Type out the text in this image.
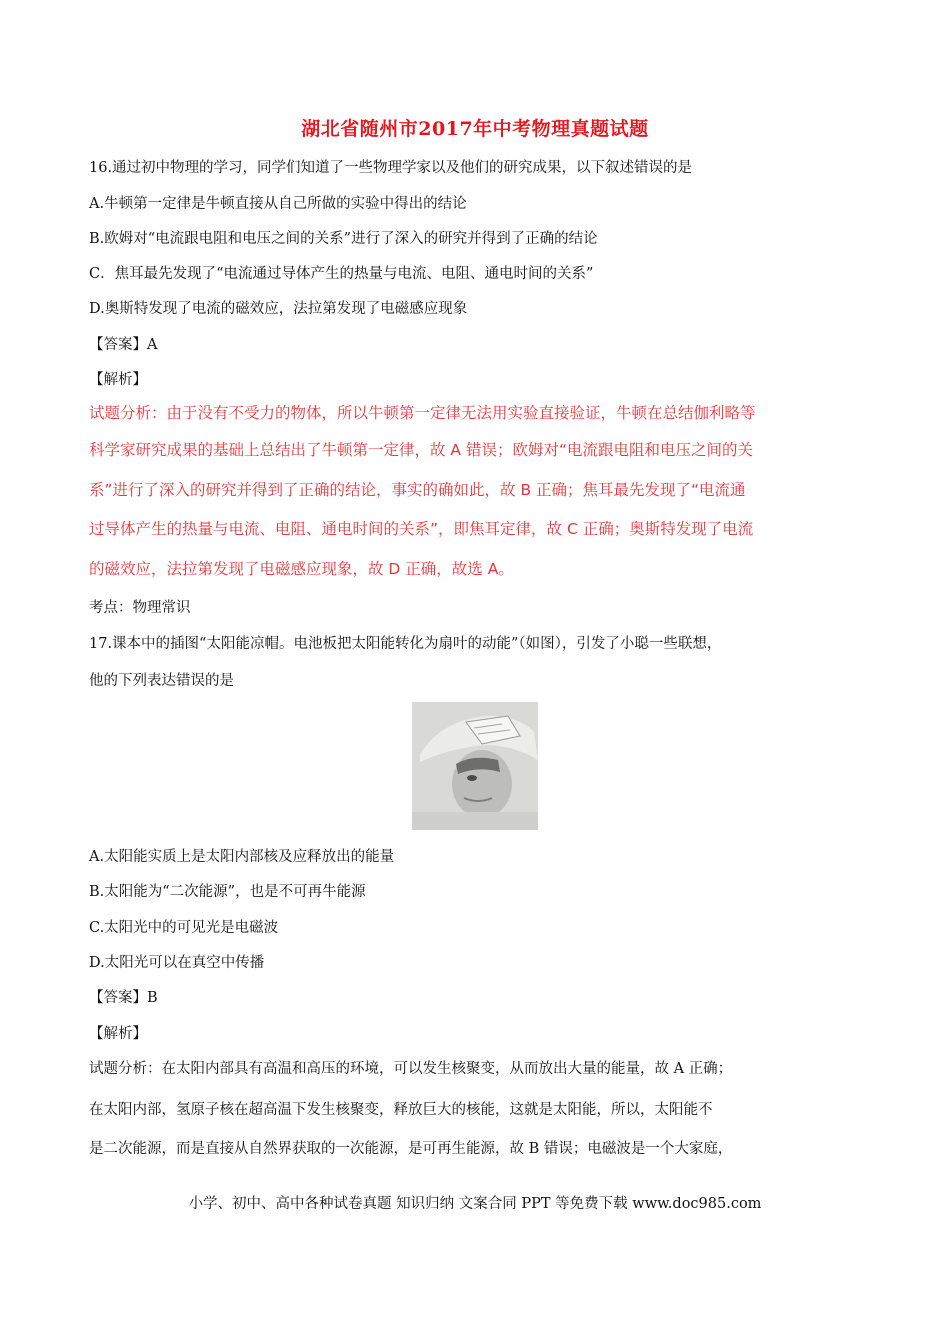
湖北省随州市2017年中考物理真题试题
16.通过初中物理的学习，同学们知道了一些物理学家以及他们的研究成果，以下叙述错误的是
A.牛顿第一定律是牛顿直接从自己所做的实验中得出的结论
B.欧姆对“电流跟电阻和电压之间的关系”进行了深入的研究并得到了正确的结论
C．焦耳最先发现了“电流通过导体产生的热量与电流、电阻、通电时间的关系”
D.奥斯特发现了电流的磁效应，法拉第发现了电磁感应现象
【答案】A
【解析】
试题分析：由于没有不受力的物体，所以牛顿第一定律无法用实验直接验证，牛顿在总结伽利略等
科学家研究成果的基础上总结出了牛顿第一定律，故 A 错误；欧姆对“电流跟电阻和电压之间的关
系”进行了深入的研究并得到了正确的结论，事实的确如此，故 B 正确；焦耳最先发现了“电流通
过导体产生的热量与电流、电阻、通电时间的关系”，即焦耳定律，故 C 正确；奥斯特发现了电流
的磁效应，法拉第发现了电磁感应现象，故 D 正确，故选 A。
考点：物理常识
17.课本中的插图“太阳能凉帽。电池板把太阳能转化为扇叶的动能”（如图），引发了小聪一些联想，
他的下列表达错误的是
A.太阳能实质上是太阳内部核及应释放出的能量
B.太阳能为“二次能源”，也是不可再牛能源
C.太阳光中的可见光是电磁波
D.太阳光可以在真空中传播
【答案】B
【解析】
试题分析：在太阳内部具有高温和高压的环境，可以发生核聚变，从而放出大量的能量，故 A 正确；
在太阳内部，氢原子核在超高温下发生核聚变，释放巨大的核能，这就是太阳能，所以，太阳能不
是二次能源，而是直接从自然界获取的一次能源，是可再生能源，故 B 错误；电磁波是一个大家庭，
小学、初中、高中各种试卷真题 知识归纳 文案合同 PPT 等免费下载 www.doc985.com
